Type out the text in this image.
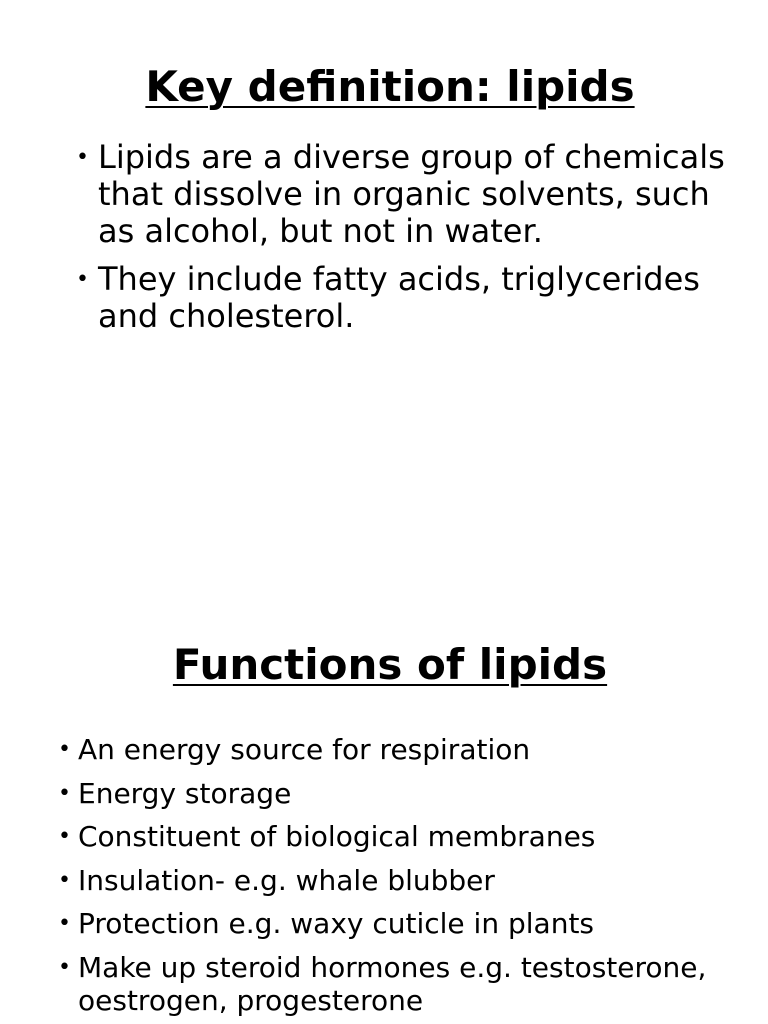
Key definition: lipids
• Lipids are a diverse group of chemicals that dissolve in organic solvents, such as alcohol, but not in water.
• They include fatty acids, triglycerides and cholesterol.
Functions of lipids
• An energy source for respiration
• Energy storage
• Constituent of biological membranes
• Insulation- e.g. whale blubber
• Protection e.g. waxy cuticle in plants
• Make up steroid hormones e.g. testosterone, oestrogen, progesterone
